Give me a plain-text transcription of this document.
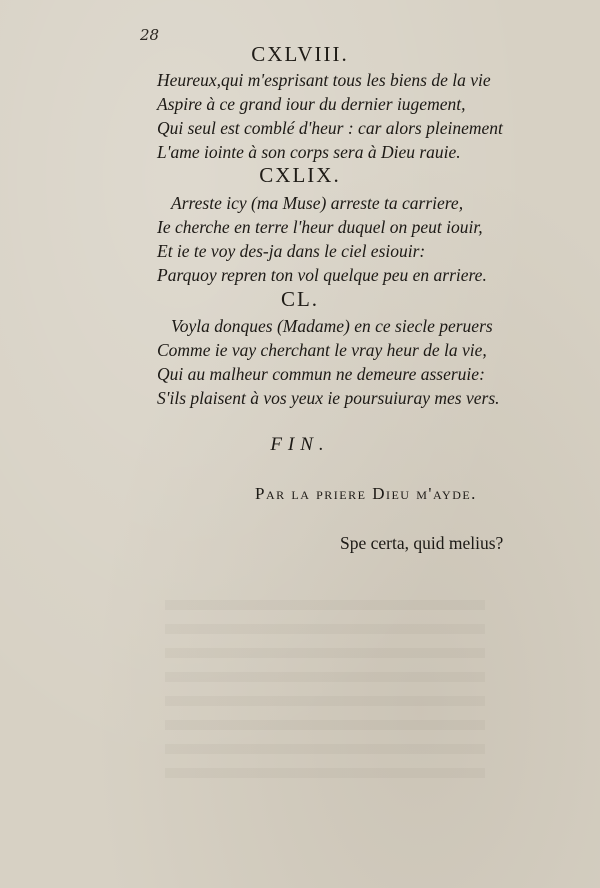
28
CXLVIII.
Heureux,qui m'esprisant tous les biens de la vie
Aspire à ce grand iour du dernier iugement,
Qui seul est comblé d'heur : car alors pleinement
L'ame iointe à son corps sera à Dieu rauie.
CXLIX.
Arreste icy (ma Muse) arreste ta carriere,
Ie cherche en terre l'heur duquel on peut iouir,
Et ie te voy des-ja dans le ciel esiouir:
Parquoy repren ton vol quelque peu en arriere.
CL.
Voyla donques (Madame) en ce siecle peruers
Comme ie vay cherchant le vray heur de la vie,
Qui au malheur commun ne demeure asseruie:
S'ils plaisent à vos yeux ie poursuiuray mes vers.
FIN.
Par la priere Dieu m'ayde.
Spe certa, quid melius?
